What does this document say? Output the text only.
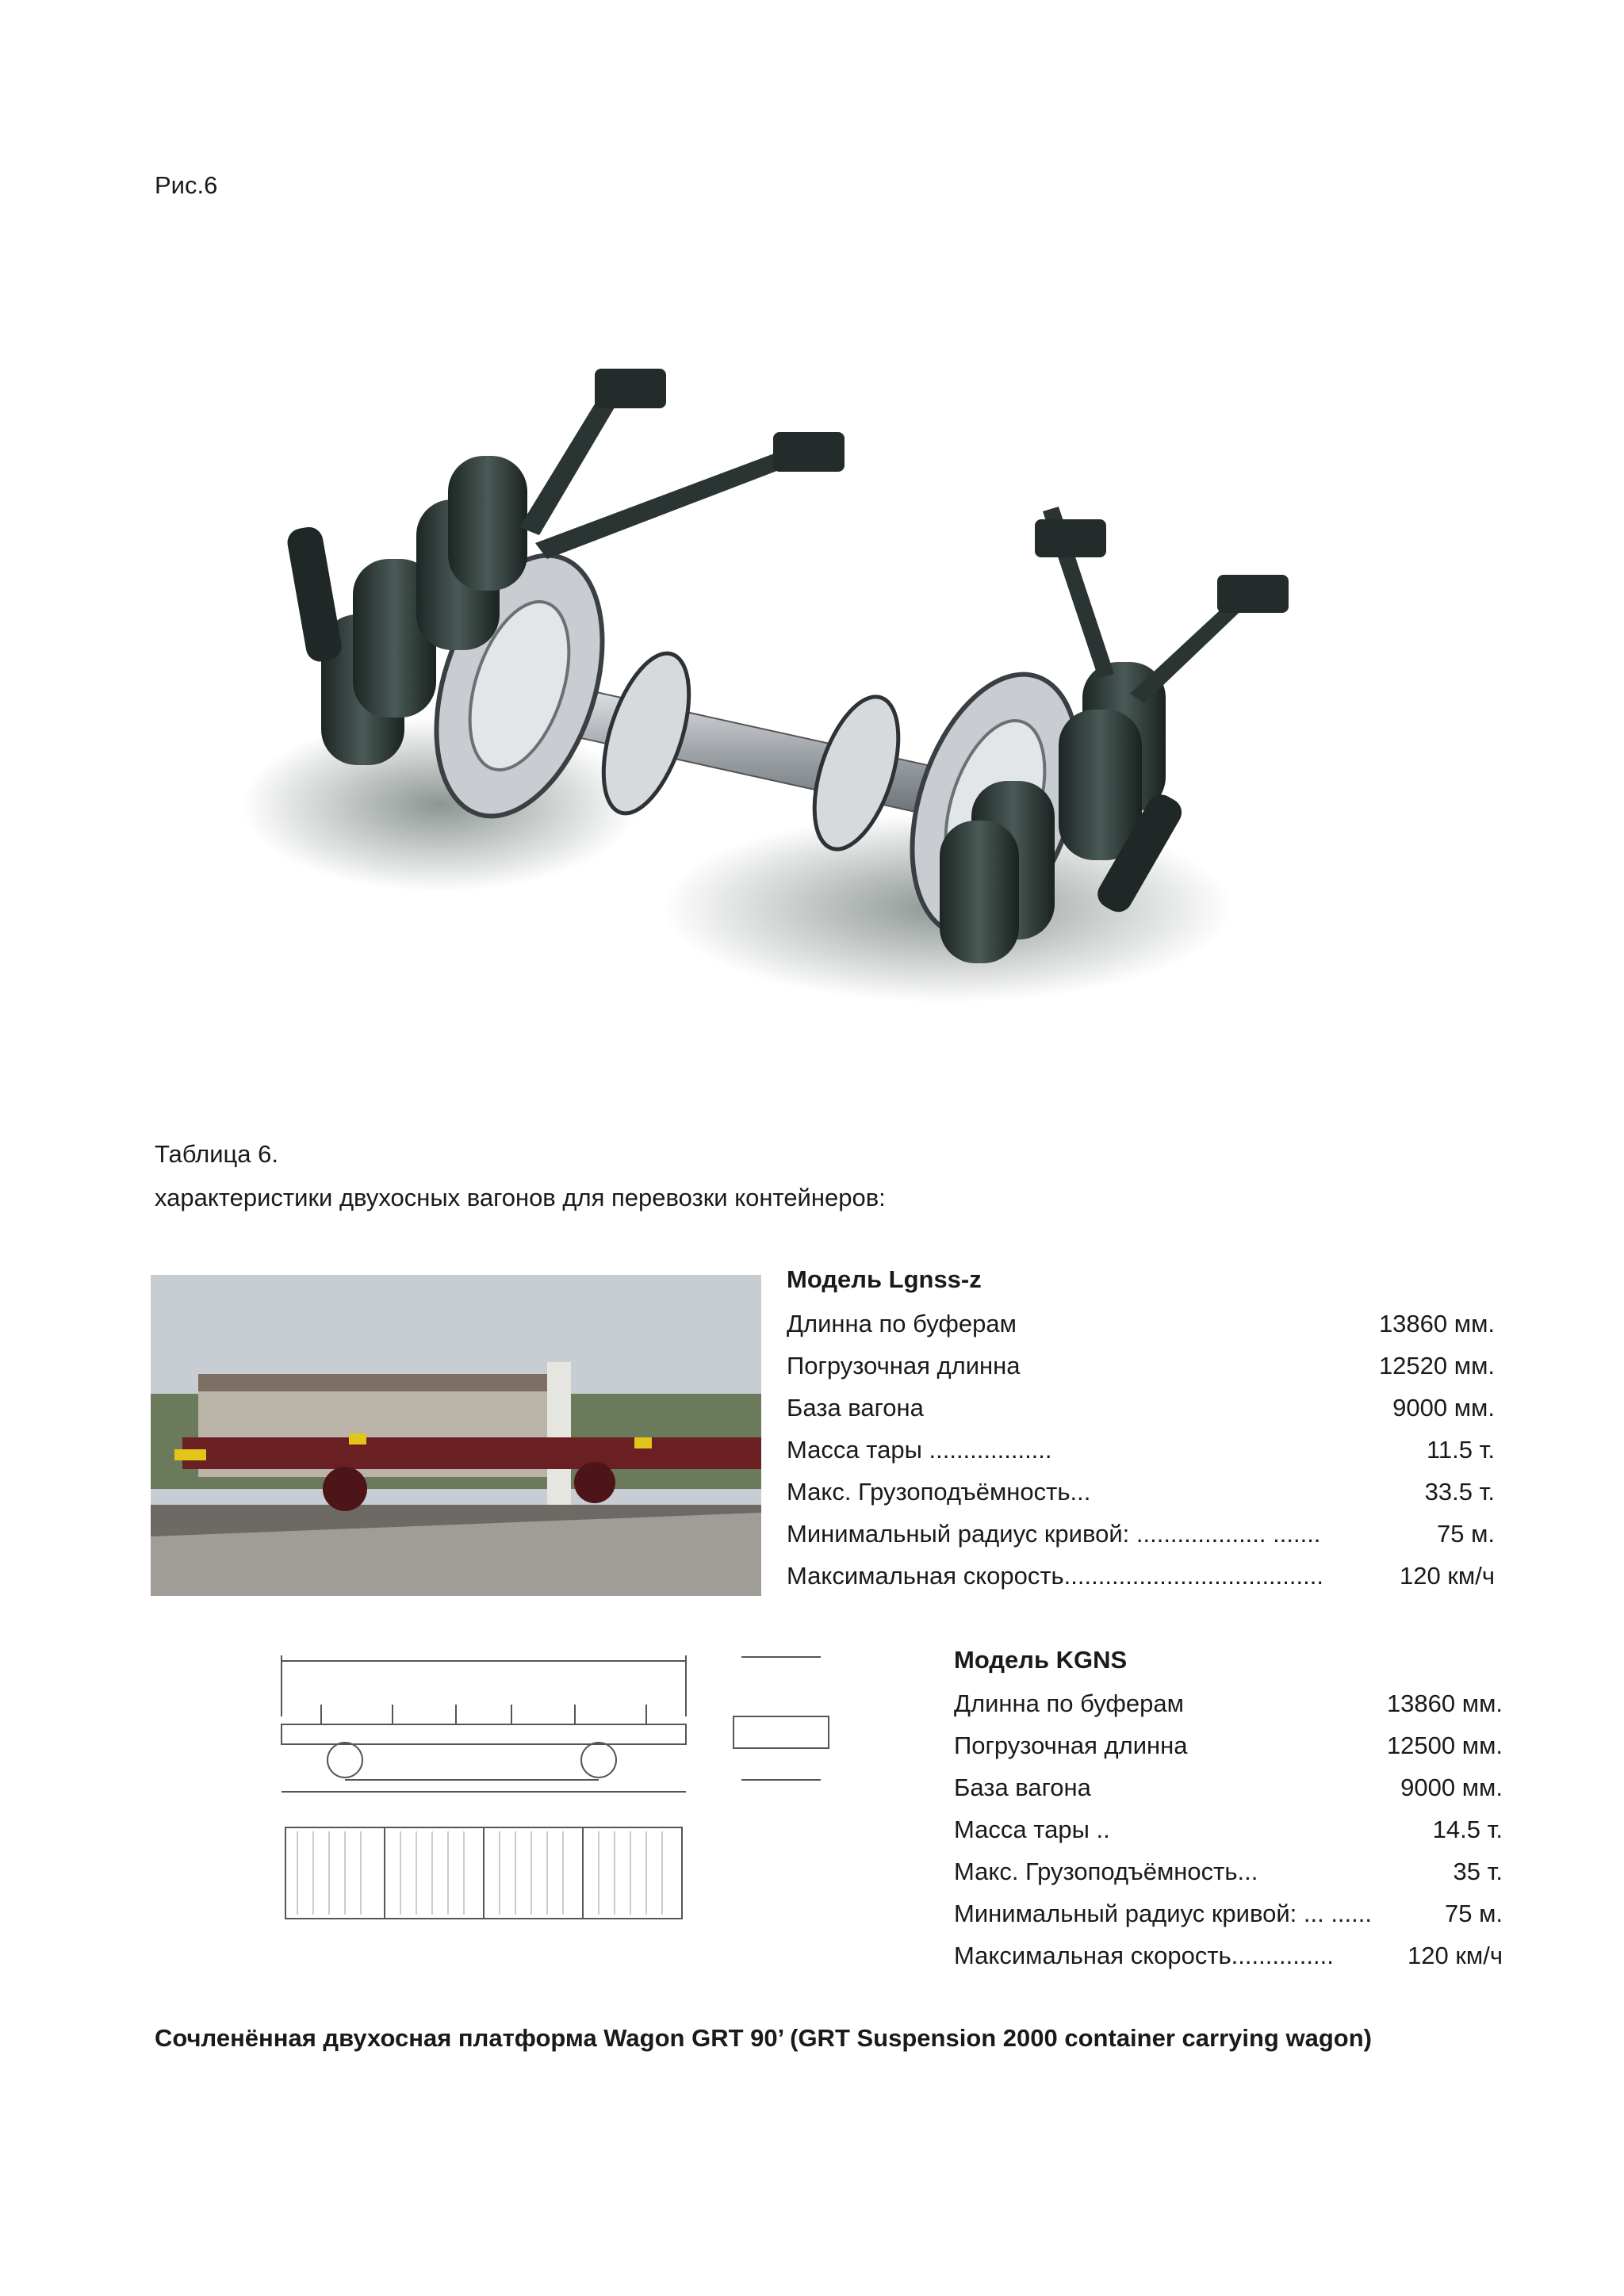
Рис.6
Таблица 6.
характеристики двухосных вагонов для перевозки контейнеров:
Модель Lgnss-z
Длинна по буферам	13860 мм.
Погрузочная длинна	12520 мм.
База вагона	9000 мм.
Масса тары ..................	11.5 т.
Макс. Грузоподъёмность...	33.5 т.
Минимальный радиус кривой: ................... .......	75 м.
Максимальная скорость......................................	120 км/ч
Модель KGNS
Длинна по буферам	13860 мм.
Погрузочная длинна	12500 мм.
База вагона	9000 мм.
Масса тары ..	14.5 т.
Макс. Грузоподъёмность...	35 т.
Минимальный радиус кривой: ... ......	75 м.
Максимальная скорость...............	120 км/ч
Сочленённая двухосная платформа Wagon GRT 90’ (GRT Suspension 2000 container carrying wagon)
